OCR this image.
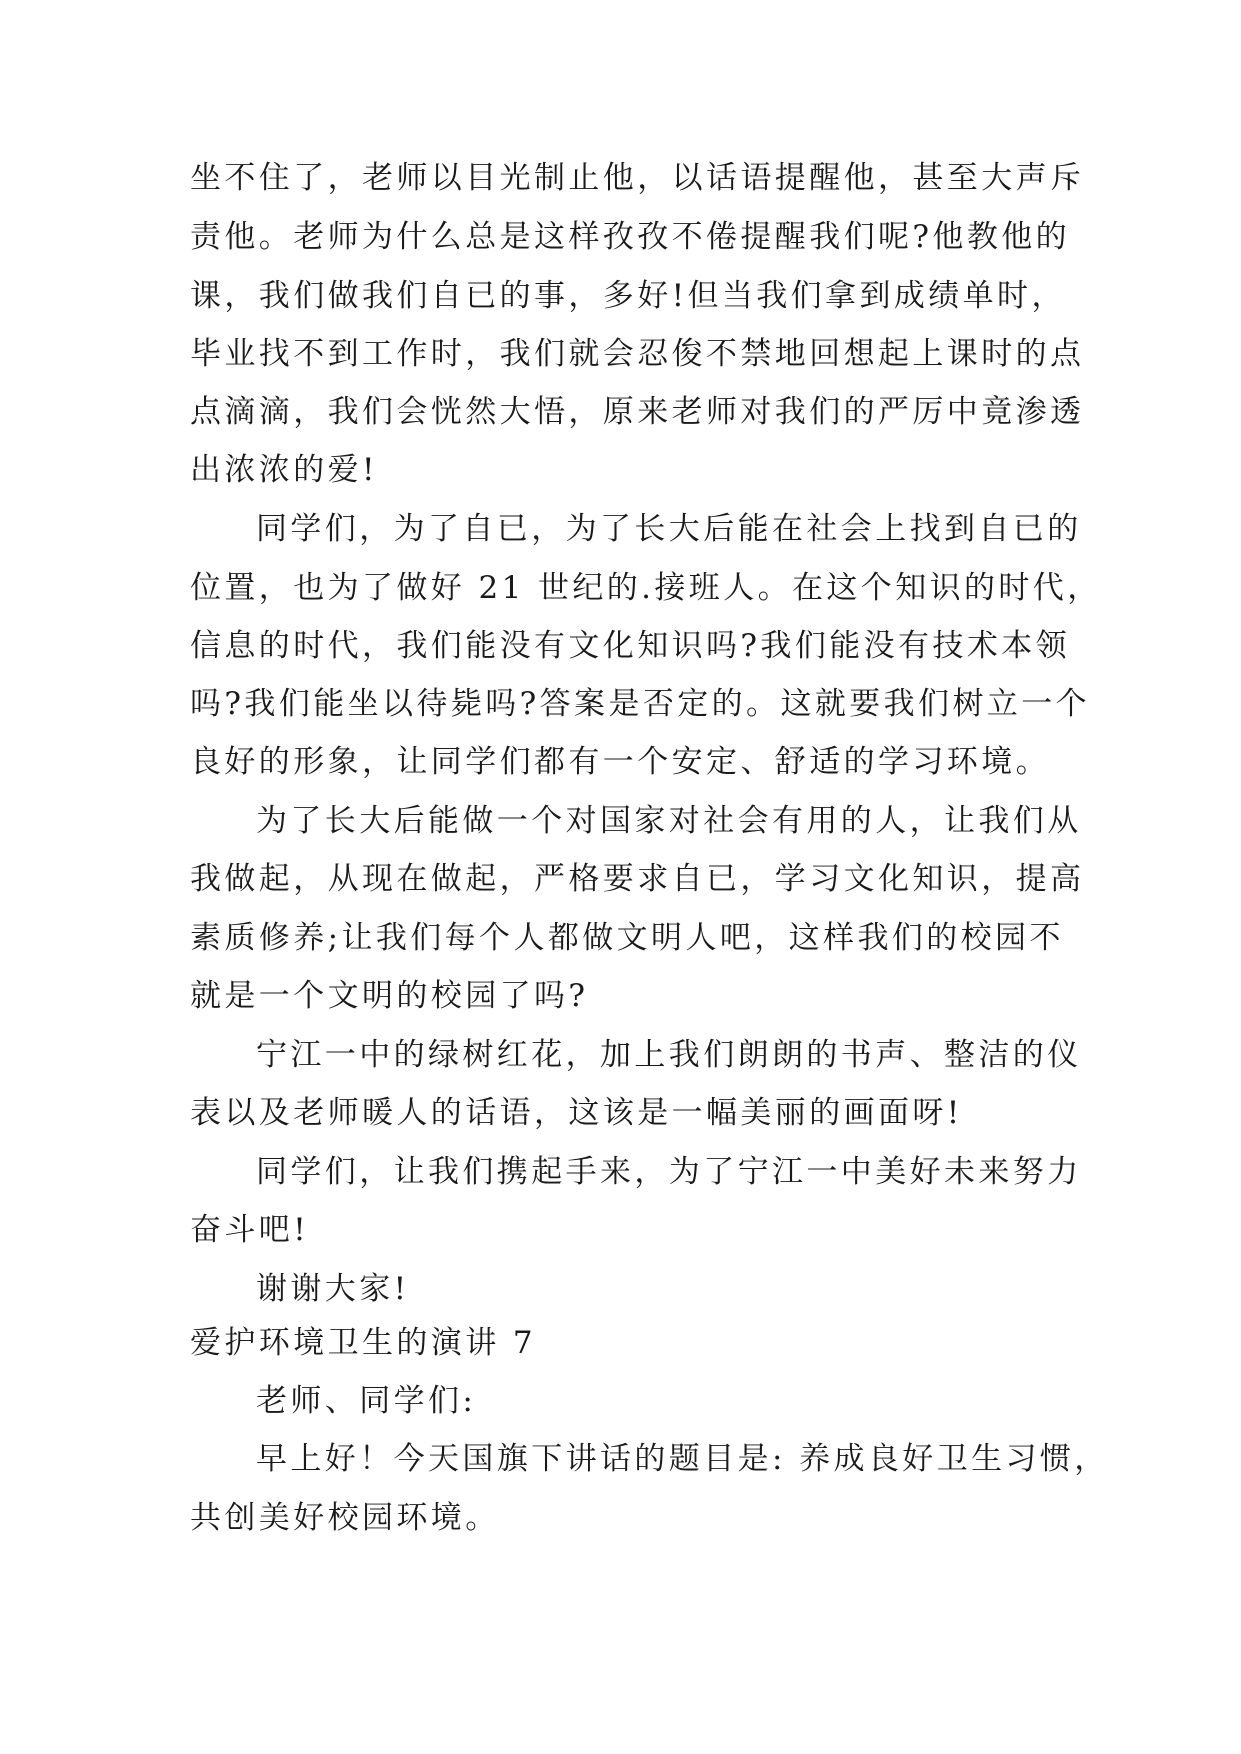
坐不住了，老师以目光制止他，以话语提醒他，甚至大声斥
责他。老师为什么总是这样孜孜不倦提醒我们呢?他教他的
课，我们做我们自已的事，多好!但当我们拿到成绩单时，
毕业找不到工作时，我们就会忍俊不禁地回想起上课时的点
点滴滴，我们会恍然大悟，原来老师对我们的严厉中竟渗透
出浓浓的爱!
同学们，为了自已，为了长大后能在社会上找到自已的
位置，也为了做好 21 世纪的.接班人。在这个知识的时代，
信息的时代，我们能没有文化知识吗?我们能没有技术本领
吗?我们能坐以待毙吗?答案是否定的。这就要我们树立一个
良好的形象，让同学们都有一个安定、舒适的学习环境。
为了长大后能做一个对国家对社会有用的人，让我们从
我做起，从现在做起，严格要求自已，学习文化知识，提高
素质修养;让我们每个人都做文明人吧，这样我们的校园不
就是一个文明的校园了吗?
宁江一中的绿树红花，加上我们朗朗的书声、整洁的仪
表以及老师暖人的话语，这该是一幅美丽的画面呀!
同学们，让我们携起手来，为了宁江一中美好未来努力
奋斗吧!
谢谢大家!
爱护环境卫生的演讲 7
老师、同学们:
早上好！今天国旗下讲话的题目是: 养成良好卫生习惯，
共创美好校园环境。
